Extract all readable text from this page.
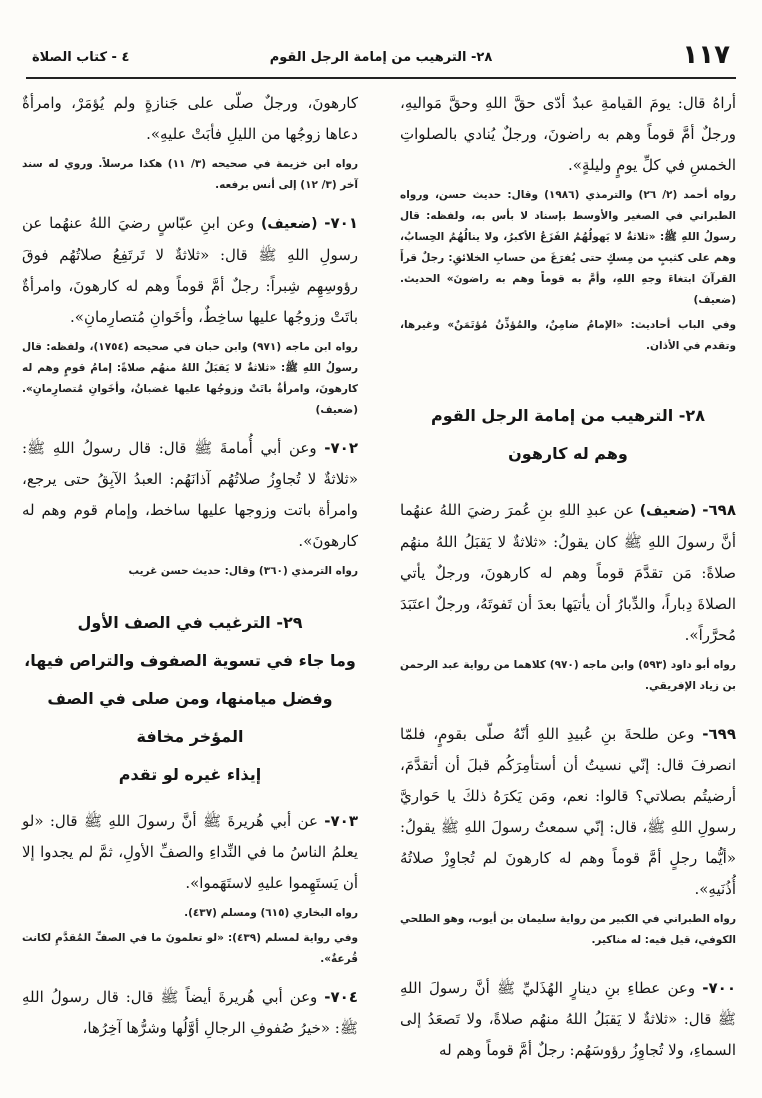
١١٧
٢٨- الترهيب من إمامة الرجل القوم
٤ - كتاب الصلاة

أراهُ قال: يومَ القيامةِ عبدٌ أدّى حقَّ اللهِ وحقَّ مَواليهِ، ورجلٌ أمَّ قوماً وهم به راضونَ، ورجلٌ يُنادي بالصلواتِ الخمسِ في كلِّ يومٍ وليلةٍ».

رواه أحمد (٢/ ٢٦) والترمذي (١٩٨٦) وقال: حديث حسن، ورواه الطبراني في الصغير والأوسط بإسناد لا بأس به، ولفظه: قال رسولُ اللهِ ﷺ: «ثلاثةٌ لا يَهولُهُمُ الفَزَعُ الأكبرُ، ولا ينالُهُمُ الحِسابُ، وهم على كثيبٍ من مِسكٍ حتى يُفرَغَ من حسابِ الخلائقِ: رجلٌ قرأَ القرآنَ ابتغاءَ وجهِ اللهِ، وأمَّ به قوماً وهم به راضونَ» الحديث. (ضعيف)

وفي الباب أحاديث: «الإمامُ ضامِنٌ، والمُؤذِّنُ مُؤتَمَنٌ» وغيرها، وتقدم في الأذان.

٢٨- الترهيب من إمامة الرجل القوم

وهم له كارهون

٦٩٨- (ضعيف) عن عبدِ اللهِ بنِ عُمرَ رضيَ اللهُ عنهُما أنَّ رسولَ اللهِ ﷺ كان يقولُ: «ثلاثةٌ لا يَقبَلُ اللهُ منهُم صلاةً: مَن تقدَّمَ قوماً وهم له كارهونَ، ورجلٌ يأتي الصلاةَ دِباراً، والدِّبارُ أن يأتيَها بعدَ أن تَفوتَهُ، ورجلٌ اعتَبَدَ مُحرَّراً».

رواه أبو داود (٥٩٣) وابن ماجه (٩٧٠) كلاهما من رواية عبد الرحمن بن زياد الإفريقي.

٦٩٩- وعن طلحةَ بنِ عُبيدِ اللهِ أنّهُ صلّى بقومٍ، فلمّا انصرفَ قال: إنّي نسيتُ أن أستأمِرَكُم قبلَ أن أتقدَّمَ، أرضيتُم بصلاتي؟ قالوا: نعم، ومَن يَكرَهُ ذلكَ يا حَواريَّ رسولِ اللهِ ﷺ، قال: إنّي سمعتُ رسولَ اللهِ ﷺ يقولُ: «أيُّما رجلٍ أمَّ قوماً وهم له كارهونَ لم تُجاوِزْ صلاتُهُ أُذُنَيهِ».

رواه الطبراني في الكبير من رواية سليمان بن أيوب، وهو الطلحي الكوفي، قيل فيه: له مناكير.

٧٠٠- وعن عطاءِ بنِ دينارٍ الهُذَليِّ ﷺ أنَّ رسولَ اللهِ ﷺ قال: «ثلاثةٌ لا يَقبَلُ اللهُ منهُم صلاةً، ولا تَصعَدُ إلى السماءِ، ولا تُجاوِزُ رؤوسَهُم: رجلٌ أمَّ قوماً وهم له

كارهونَ، ورجلٌ صلّى على جَنازةٍ ولم يُؤمَرْ، وامرأةٌ دعاها زوجُها من الليلِ فأبَتْ عليهِ».

رواه ابن خزيمة في صحيحه (٣/ ١١) هكذا مرسلاً. وروي له سند آخر (٣/ ١٢) إلى أنس برفعه.

٧٠١- (ضعيف) وعن ابنِ عبّاسٍ رضيَ اللهُ عنهُما عن رسولِ اللهِ ﷺ قال: «ثلاثةٌ لا تَرتَفِعُ صلاتُهُم فوقَ رؤوسِهِم شِبراً: رجلٌ أمَّ قوماً وهم له كارهونَ، وامرأةٌ باتَتْ وزوجُها عليها ساخِطٌ، وأخَوانِ مُتصارِمانِ».

رواه ابن ماجه (٩٧١) وابن حبان في صحيحه (١٧٥٤)، ولفظه: قال رسولُ اللهِ ﷺ: «ثلاثةٌ لا يَقبَلُ اللهُ منهُم صلاةً: إمامُ قومٍ وهم له كارهونَ، وامرأةٌ باتَتْ وزوجُها عليها غضبانُ، وأخَوانِ مُتصارِمانِ». (ضعيف)

٧٠٢- وعن أبي أُمامةَ ﷺ قال: قال رسولُ اللهِ ﷺ: «ثلاثةٌ لا تُجاوِزُ صلاتُهُم آذانَهُم: العبدُ الآبِقُ حتى يرجع، وامرأة باتت وزوجها عليها ساخط، وإمام قوم وهم له كارهونَ».

رواه الترمذي (٣٦٠) وقال: حديث حسن غريب

٢٩- الترغيب في الصف الأول

وما جاء في تسوية الصفوف والتراص فيها،

وفضل ميامنها، ومن صلى في الصف المؤخر مخافة

إيذاء غيره لو تقدم

٧٠٣- عن أبي هُريرةَ ﷺ أنَّ رسولَ اللهِ ﷺ قال: «لو يعلمُ الناسُ ما في النِّداءِ والصفِّ الأولِ، ثمَّ لم يجدوا إلا أن يَستَهِموا عليهِ لاستَهَموا».

رواه البخاري (٦١٥) ومسلم (٤٣٧).

وفي رواية لمسلم (٤٣٩): «لو تعلمونَ ما في الصفِّ المُقدَّمِ لكانت قُرعةٌ».

٧٠٤- وعن أبي هُريرةَ أيضاً ﷺ قال: قال رسولُ اللهِ ﷺ: «خيرُ صُفوفِ الرجالِ أوَّلُها وشرُّها آخِرُها،
